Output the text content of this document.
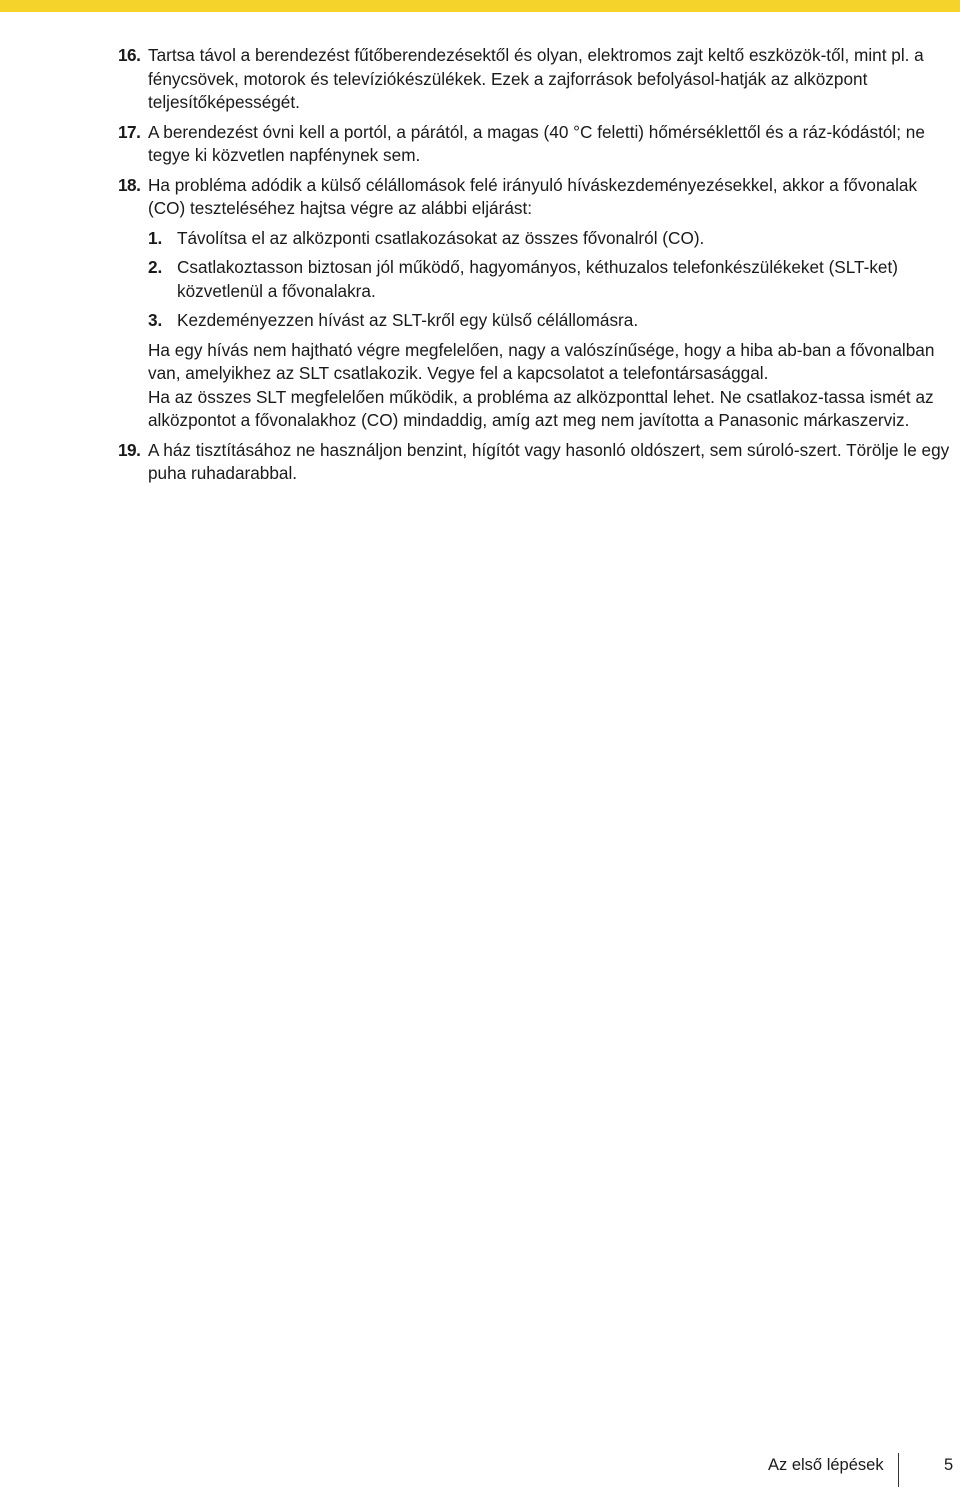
16. Tartsa távol a berendezést fűtőberendezésektől és olyan, elektromos zajt keltő eszközök-től, mint pl. a fénycsövek, motorok és televíziókészülékek. Ezek a zajforrások befolyásol-hatják az alközpont teljesítőképességét.
17. A berendezést óvni kell a portól, a párától, a magas (40 °C feletti) hőmérséklettől és a ráz-kódástól; ne tegye ki közvetlen napfénynek sem.
18. Ha probléma adódik a külső célállomások felé irányuló híváskezdeményezésekkel, akkor a fővonalak (CO) teszteléséhez hajtsa végre az alábbi eljárást:
1. Távolítsa el az alközponti csatlakozásokat az összes fővonalról (CO).
2. Csatlakoztasson biztosan jól működő, hagyományos, kéthuzalos telefonkészülékeket (SLT-ket) közvetlenül a fővonalakra.
3. Kezdeményezzen hívást az SLT-kről egy külső célállomásra.
Ha egy hívás nem hajtható végre megfelelően, nagy a valószínűsége, hogy a hiba ab-ban a fővonalban van, amelyikhez az SLT csatlakozik. Vegye fel a kapcsolatot a telefontársasággal.
Ha az összes SLT megfelelően működik, a probléma az alközponttal lehet. Ne csatlakoz-tassa ismét az alközpontot a fővonalakhoz (CO) mindaddig, amíg azt meg nem javította a Panasonic márkaszerviz.
19. A ház tisztításához ne használjon benzint, hígítót vagy hasonló oldószert, sem súroló-szert. Törölje le egy puha ruhadarabbal.
Az első lépések	5
